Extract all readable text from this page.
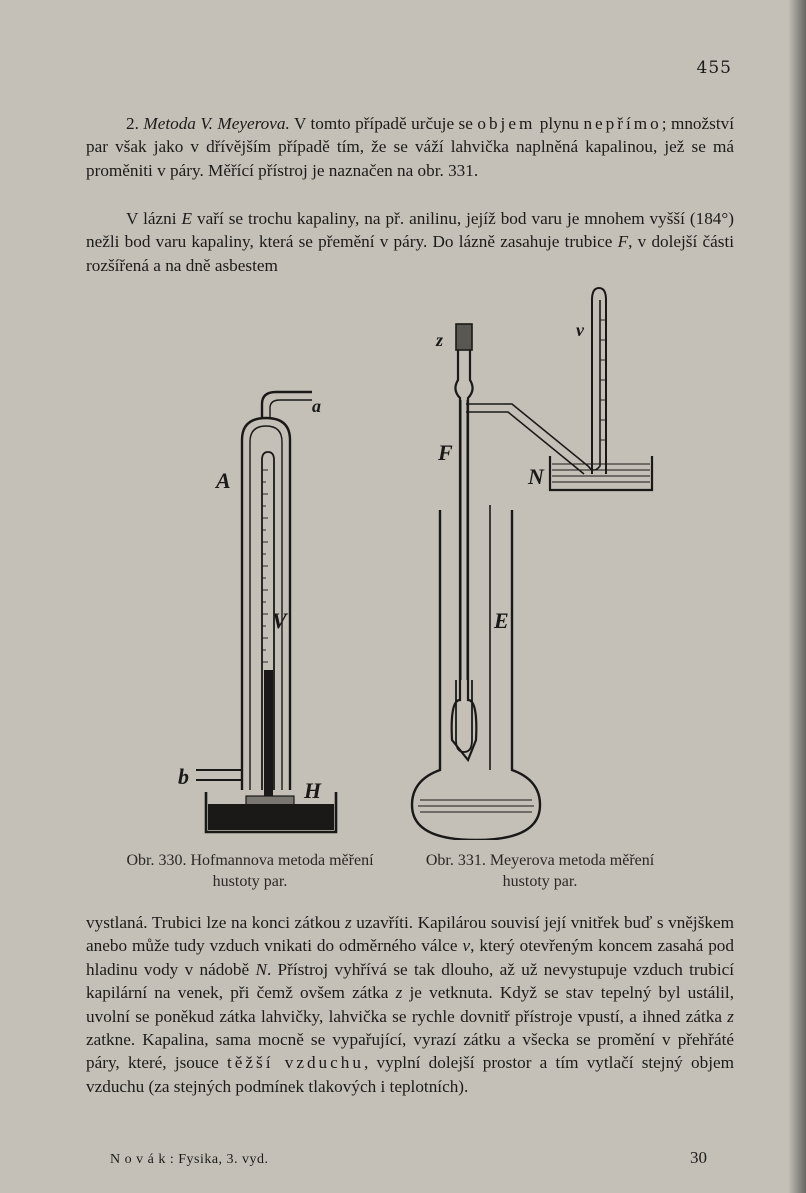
455

2. Metoda V. Meyerova. V tomto případě určuje se objem plynu nepřímo; množství par však jako v dřívějším případě tím, že se váží lahvička naplněná kapalinou, jež se má proměniti v páry. Měřící přístroj je naznačen na obr. 331.

V lázni E vaří se trochu kapaliny, na př. anilinu, jejíž bod varu je mnohem vyšší (184°) nežli bod varu kapaliny, která se přemění v páry. Do lázně zasahuje trubice F, v dolejší části rozšířená a na dně asbestem

a
A
V
b
H
z	v
F
N
E
Obr. 330. Hofmannova metoda měření hustoty par.
Obr. 331. Meyerova metoda měření hustoty par.

vystlaná. Trubici lze na konci zátkou z uzavříti. Kapilárou souvisí její vnitřek buď s vnějškem anebo může tudy vzduch vnikati do odměrného válce v, který otevřeným koncem zasahá pod hladinu vody v nádobě N. Přístroj vyhřívá se tak dlouho, až už nevystupuje vzduch trubicí kapilární na venek, při čemž ovšem zátka z je vetknuta. Když se stav tepelný byl ustálil, uvolní se poněkud zátka lahvičky, lahvička se rychle dovnitř přístroje vpustí, a ihned zátka z zatkne. Kapalina, sama mocně se vypařující, vyrazí zátku a všecka se promění v přehřáté páry, které, jsouce těžší vzduchu, vyplní dolejší prostor a tím vytlačí stejný objem vzduchu (za stejných podmínek tlakových i teplotních).

N o v á k : Fysika, 3. vyd.	30
